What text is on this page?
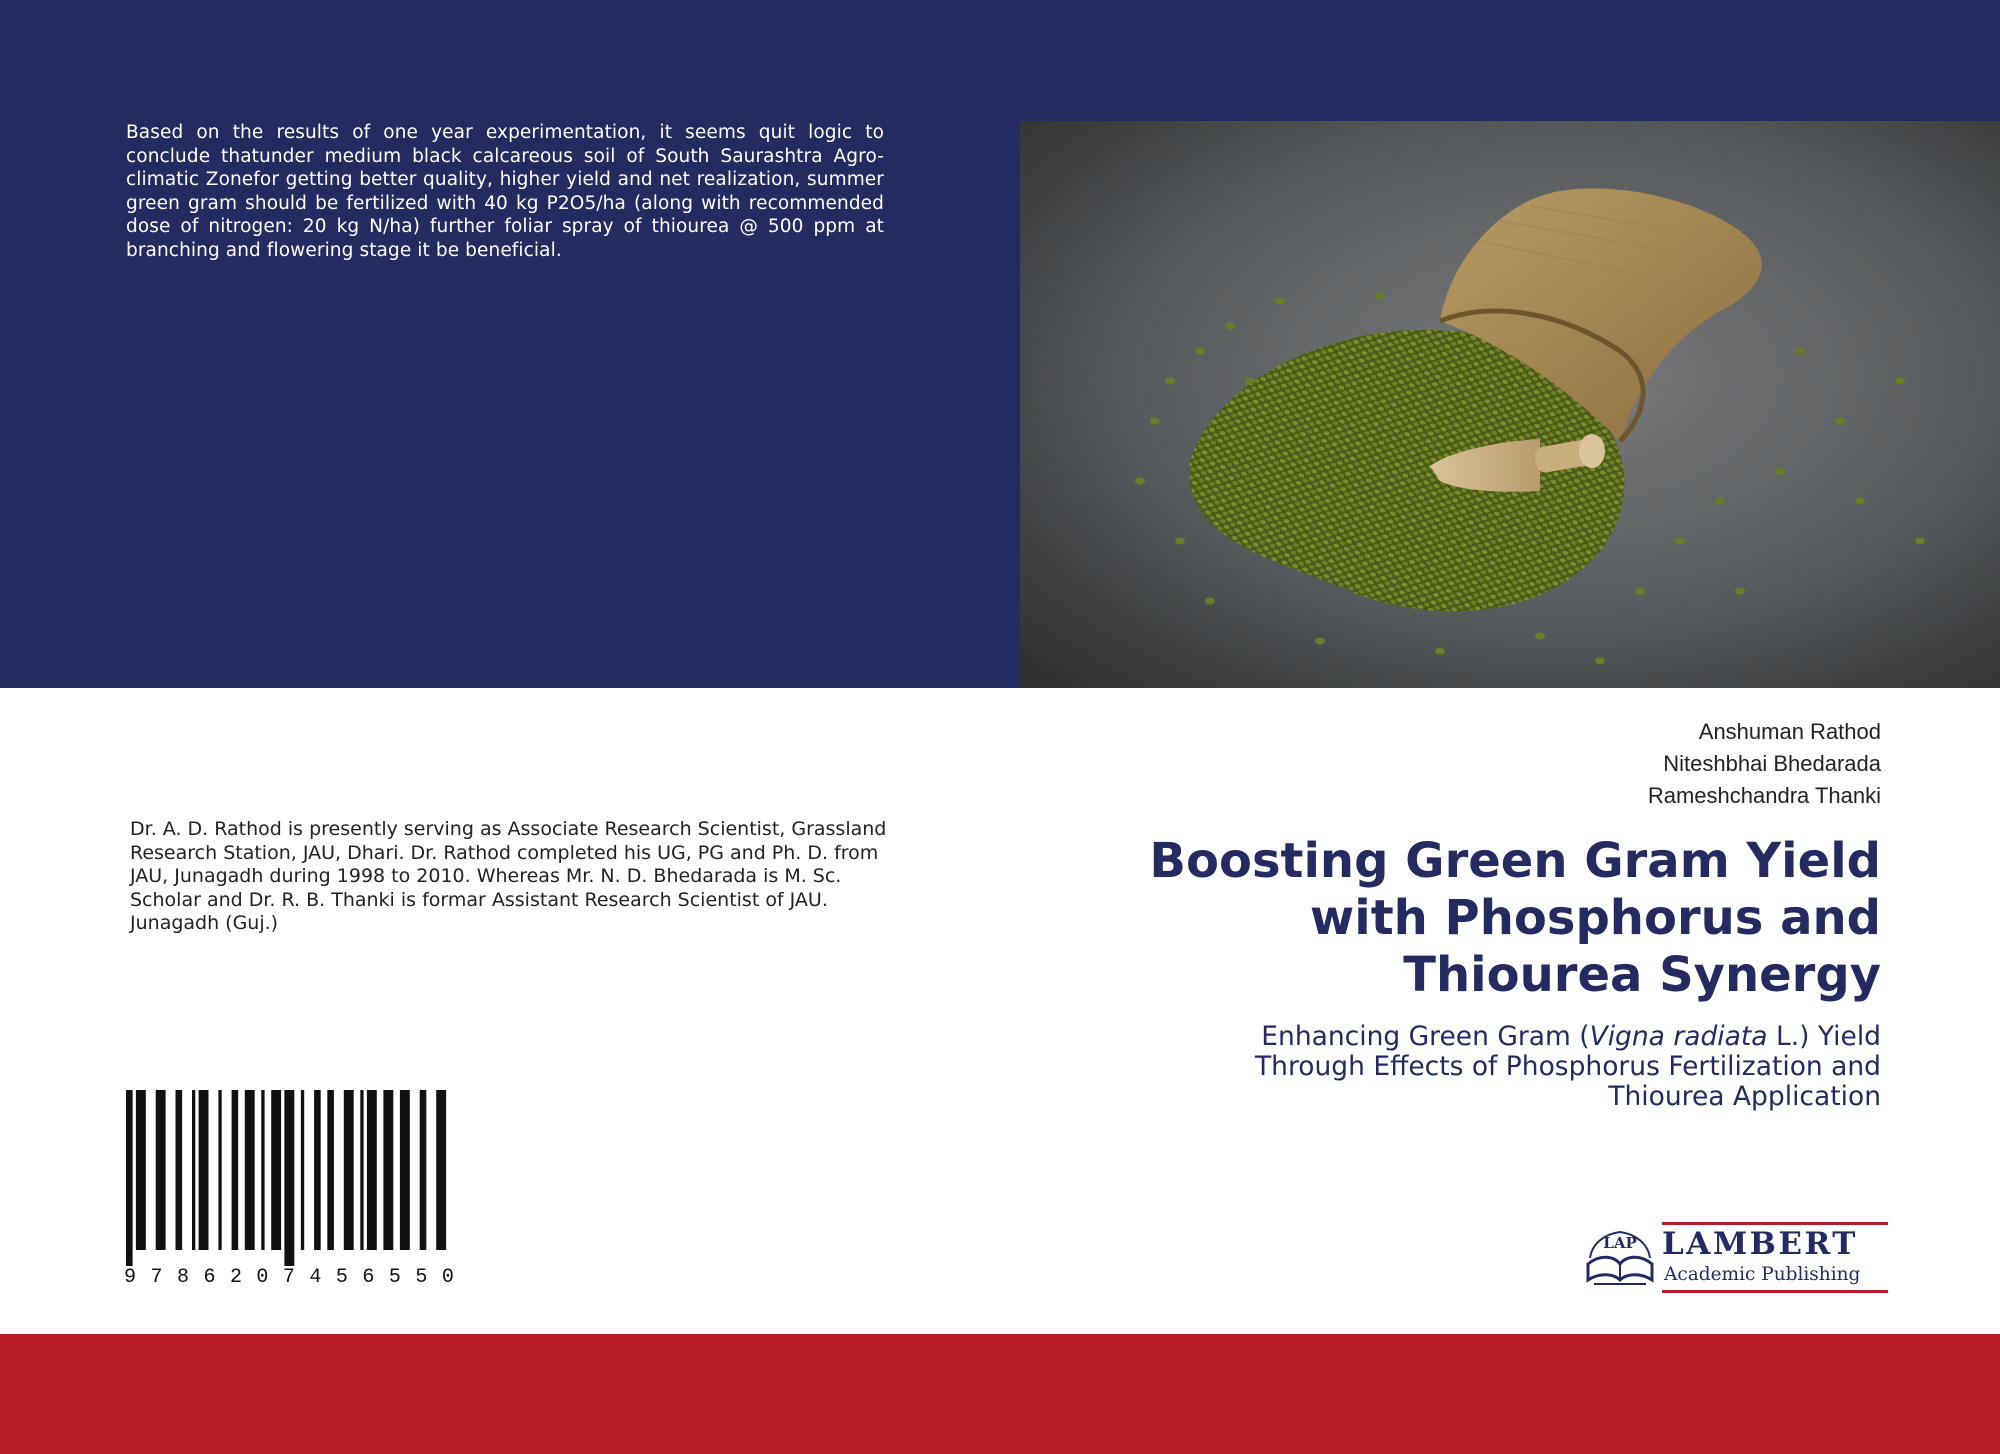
Based on the results of one year experimentation, it seems quit logic to conclude thatunder medium black calcareous soil of South Saurashtra Agro-climatic Zonefor getting better quality, higher yield and net realization, summer green gram should be fertilized with 40 kg P2O5/ha (along with recommended dose of nitrogen: 20 kg N/ha) further foliar spray of thiourea @ 500 ppm at branching and flowering stage it be beneficial.

Anshuman Rathod
Niteshbhai Bhedarada
Rameshchandra Thanki
Boosting Green Gram Yield
with Phosphorus and
Thiourea Synergy
Enhancing Green Gram (Vigna radiata L.) Yield
Through Effects of Phosphorus Fertilization and
Thiourea Application

Dr. A. D. Rathod is presently serving as Associate Research Scientist, Grassland Research Station, JAU, Dhari. Dr. Rathod completed his UG, PG and Ph. D. from JAU, Junagadh during 1998 to 2010. Whereas Mr. N. D. Bhedarada is M. Sc. Scholar and Dr. R. B. Thanki is formar Assistant Research Scientist of JAU. Junagadh (Guj.)

9 7 8 6 2 0 7 4 5 6 5 5 0
LAP LAMBERT
Academic Publishing
